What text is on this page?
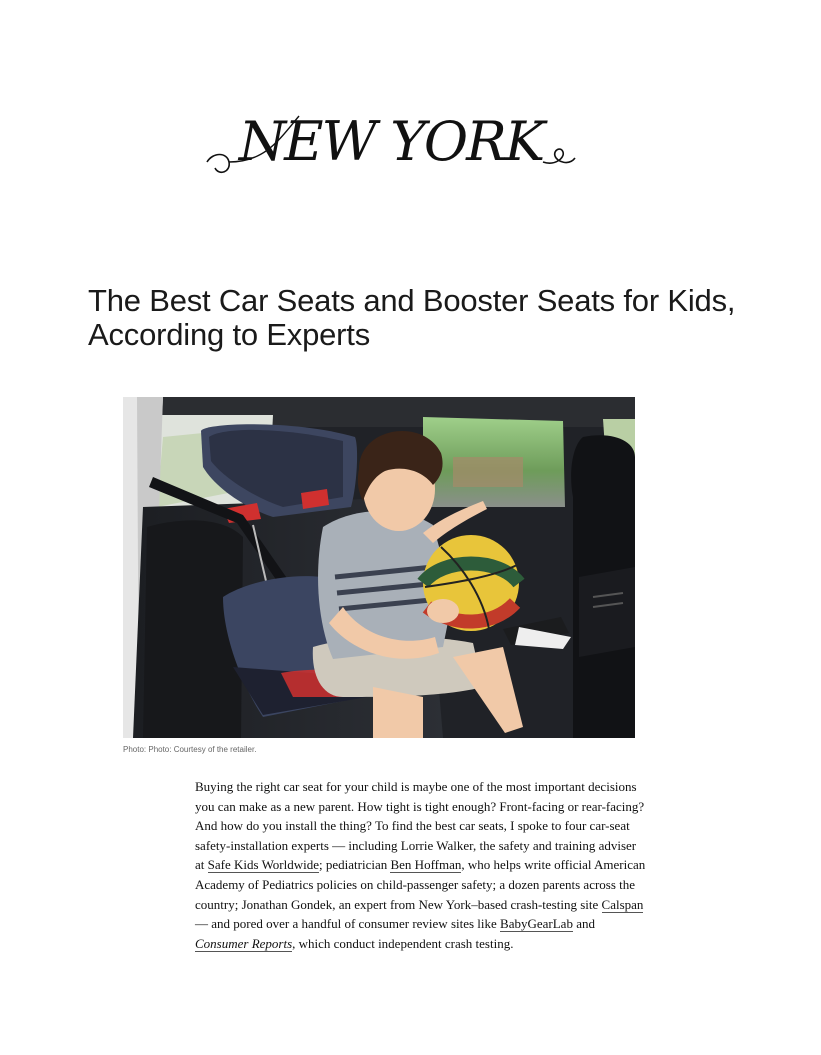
NEW YORK
The Best Car Seats and Booster Seats for Kids, According to Experts

Photo: Photo: Courtesy of the retailer.

Buying the right car seat for your child is maybe one of the most important decisions you can make as a new parent. How tight is tight enough? Front-facing or rear-facing? And how do you install the thing? To find the best car seats, I spoke to four car-seat safety-installation experts — including Lorrie Walker, the safety and training adviser at Safe Kids Worldwide; pediatrician Ben Hoffman, who helps write official American Academy of Pediatrics policies on child-passenger safety; a dozen parents across the country; Jonathan Gondek, an expert from New York–based crash-testing site Calspan — and pored over a handful of consumer review sites like BabyGearLab and Consumer Reports, which conduct independent crash testing.
